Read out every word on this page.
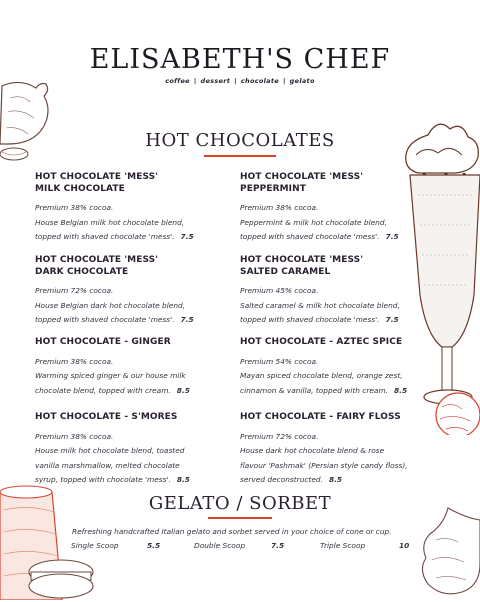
ELISABETH'S CHEF
coffee | dessert | chocolate | gelato
HOT CHOCOLATES
HOT CHOCOLATE 'MESS'
MILK CHOCOLATE

Premium 38% cocoa.

House Belgian milk hot chocolate blend,

topped with shaved chocolate 'mess'. 7.5

HOT CHOCOLATE 'MESS'
PEPPERMINT

Premium 38% cocoa.

Peppermint & milk hot chocolate blend,

topped with shaved chocolate 'mess'. 7.5

HOT CHOCOLATE 'MESS'
DARK CHOCOLATE

Premium 72% cocoa.

House Belgian dark hot chocolate blend,

topped with shaved chocolate 'mess'. 7.5

HOT CHOCOLATE 'MESS'
SALTED CARAMEL

Premium 45% cocoa.

Salted caramel & milk hot chocolate blend,

topped with shaved chocolate 'mess'. 7.5

HOT CHOCOLATE - GINGER

Premium 38% cocoa.

Warming spiced ginger & our house milk

chocolate blend, topped with cream. 8.5

HOT CHOCOLATE - AZTEC SPICE

Premium 54% cocoa.

Mayan spiced chocolate blend, orange zest,

cinnamon & vanilla, topped with cream. 8.5

HOT CHOCOLATE - S'MORES

Premium 38% cocoa.

House milk hot chocolate blend, toasted

vanilla marshmallow, melted chocolate

syrup, topped with chocolate 'mess'. 8.5

HOT CHOCOLATE - FAIRY FLOSS

Premium 72% cocoa.

House dark hot chocolate blend & rose

flavour 'Pashmak' (Persian style candy floss),

served deconstructed. 8.5

GELATO / SORBET
Refreshing handcrafted Italian gelato and sorbet served in your choice of cone or cup.
Single Scoop	5.5	Double Scoop	7.5	Triple Scoop	10
